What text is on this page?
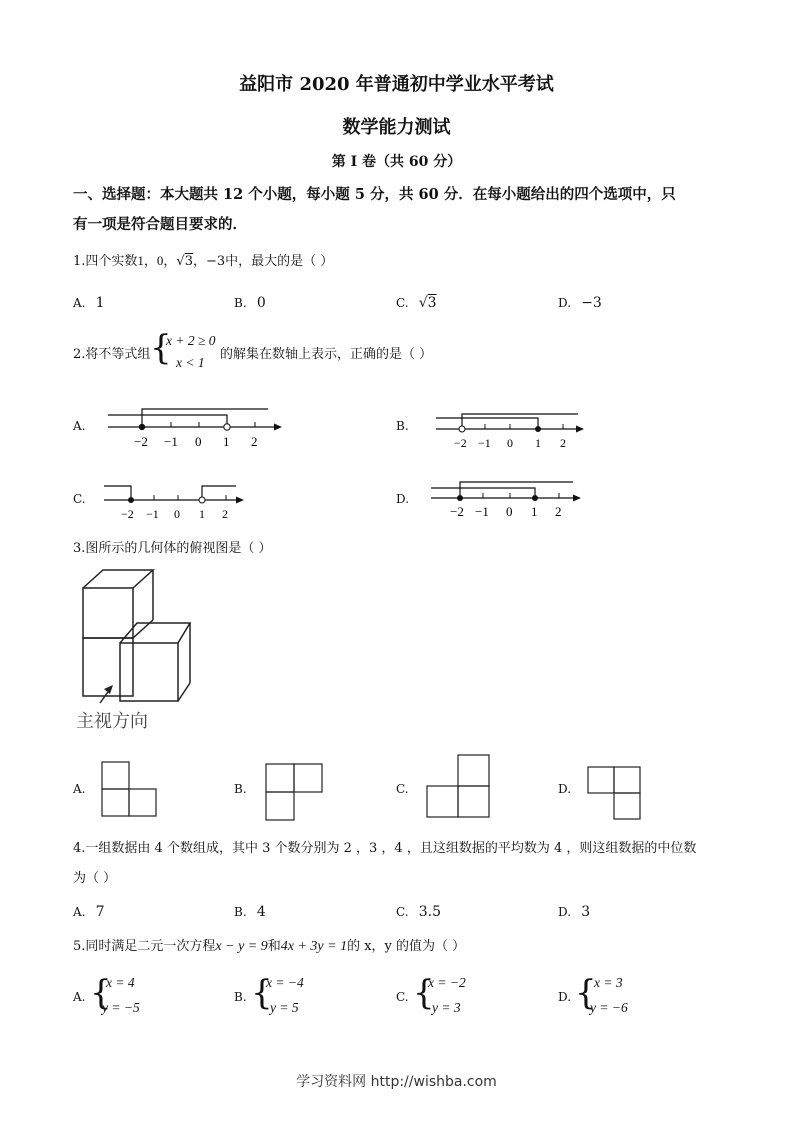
益阳市 2020 年普通初中学业水平考试
数学能力测试
第 I 卷（共 60 分）
一、选择题：本大题共 12 个小题，每小题 5 分，共 60 分．在每小题给出的四个选项中，只
有一项是符合题目要求的．
1.四个实数1，0，√3，−3中，最大的是（ ）
A. 1	B. 0	C. √3	D. −3
2.将不等式组 {
x + 2 ≥ 0
x < 1
的解集在数轴上表示，正确的是（ ）
A.
−2 −1 0 1 2
B.
−2 −1 0 1 2
C.
−2 −1 0 1 2
D.
−2 −1 0 1 2
3.图所示的几何体的俯视图是（ ）
主视方向
A.	B.	C.	D.
4.一组数据由 4 个数组成，其中 3 个数分别为 2 ，3 ，4 ，且这组数据的平均数为 4 ，则这组数据的中位数
为（ ）
A. 7	B. 4	C. 3.5	D. 3
5.同时满足二元一次方程x − y = 9和4x + 3y = 1的 x，y 的值为（ ）
A. {
x = 4
y = −5
B. {
x = −4
y = 5
C. {
x = −2
y = 3
D. {
x = 3
y = −6
学习资料网 http://wishba.com
